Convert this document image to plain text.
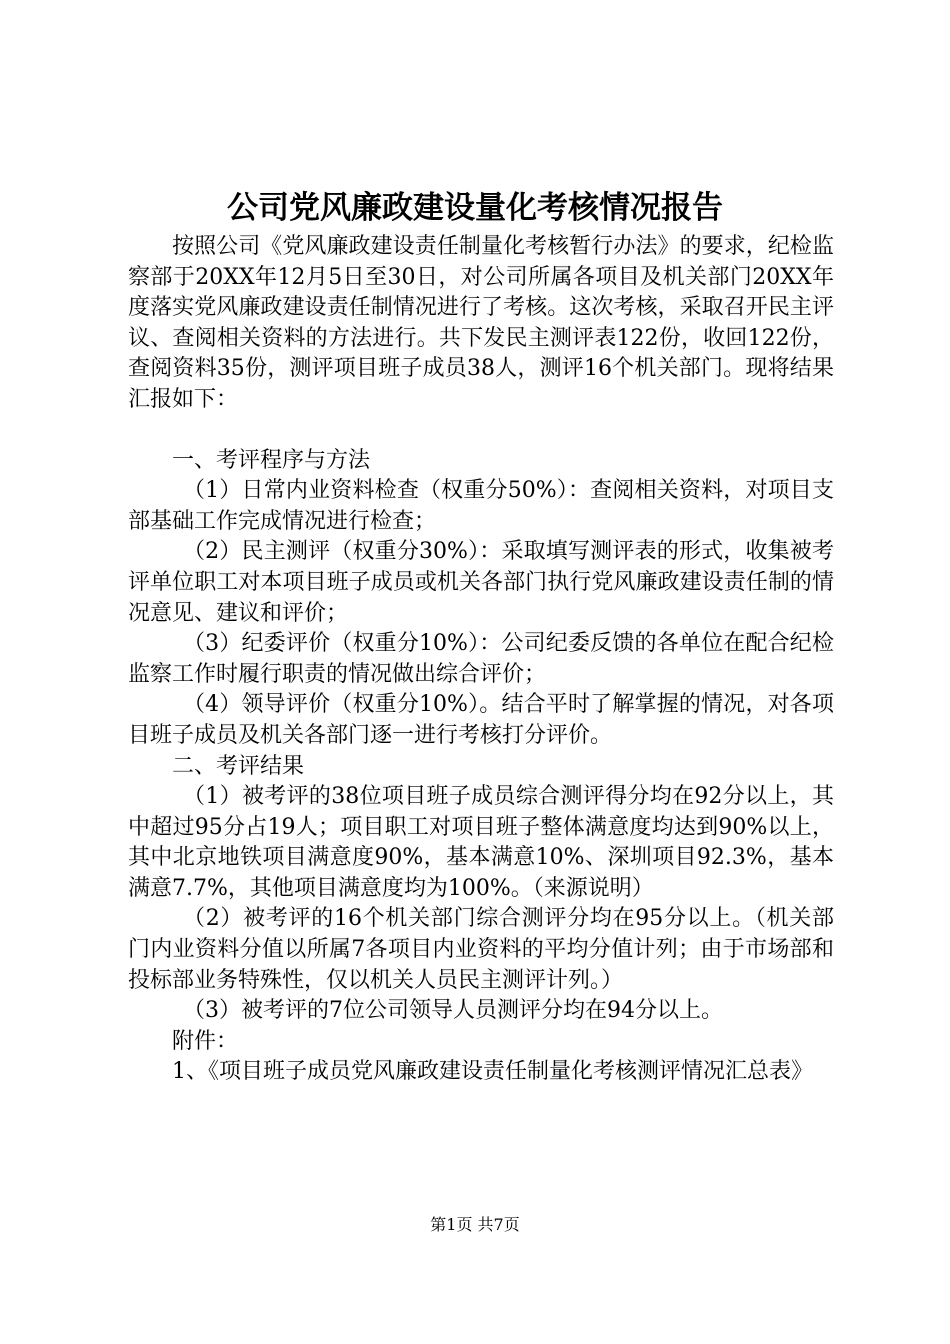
公司党风廉政建设量化考核情况报告

按照公司《党风廉政建设责任制量化考核暂行办法》的要求，纪检监察部于20XX年12月5日至30日，对公司所属各项目及机关部门20XX年度落实党风廉政建设责任制情况进行了考核。这次考核，采取召开民主评议、查阅相关资料的方法进行。共下发民主测评表122份，收回122份，查阅资料35份，测评项目班子成员38人，测评16个机关部门。现将结果汇报如下：

一、考评程序与方法

（1）日常内业资料检查（权重分50%）：查阅相关资料，对项目支部基础工作完成情况进行检查；

（2）民主测评（权重分30%）：采取填写测评表的形式，收集被考评单位职工对本项目班子成员或机关各部门执行党风廉政建设责任制的情况意见、建议和评价；

（3）纪委评价（权重分10%）：公司纪委反馈的各单位在配合纪检监察工作时履行职责的情况做出综合评价；

（4）领导评价（权重分10%）。结合平时了解掌握的情况，对各项目班子成员及机关各部门逐一进行考核打分评价。

二、考评结果

（1）被考评的38位项目班子成员综合测评得分均在92分以上，其中超过95分占19人；项目职工对项目班子整体满意度均达到90%以上，其中北京地铁项目满意度90%，基本满意10%、深圳项目92.3%，基本满意7.7%，其他项目满意度均为100%。（来源说明）

（2）被考评的16个机关部门综合测评分均在95分以上。（机关部门内业资料分值以所属7各项目内业资料的平均分值计列；由于市场部和投标部业务特殊性，仅以机关人员民主测评计列。）

（3）被考评的7位公司领导人员测评分均在94分以上。

附件：

1、《项目班子成员党风廉政建设责任制量化考核测评情况汇总表》

第1页 共7页
